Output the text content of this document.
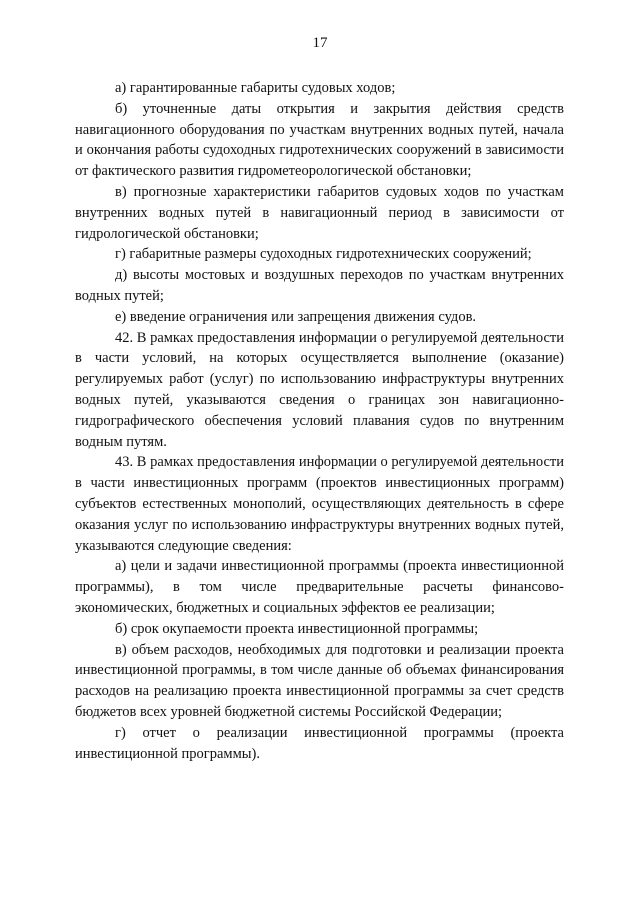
17

а) гарантированные габариты судовых ходов;

б) уточненные даты открытия и закрытия действия средств навигационного оборудования по участкам внутренних водных путей, начала и окончания работы судоходных гидротехнических сооружений в зависимости от фактического развития гидрометеорологической обстановки;

в) прогнозные характеристики габаритов судовых ходов по участкам внутренних водных путей в навигационный период в зависимости от гидрологической обстановки;

г) габаритные размеры судоходных гидротехнических сооружений;

д) высоты мостовых и воздушных переходов по участкам внутренних водных путей;

е) введение ограничения или запрещения движения судов.

42. В рамках предоставления информации о регулируемой деятельности в части условий, на которых осуществляется выполнение (оказание) регулируемых работ (услуг) по использованию инфраструктуры внутренних водных путей, указываются сведения о границах зон навигационно-гидрографического обеспечения условий плавания судов по внутренним водным путям.

43. В рамках предоставления информации о регулируемой деятельности в части инвестиционных программ (проектов инвестиционных программ) субъектов естественных монополий, осуществляющих деятельность в сфере оказания услуг по использованию инфраструктуры внутренних водных путей, указываются следующие сведения:

а) цели и задачи инвестиционной программы (проекта инвестиционной программы), в том числе предварительные расчеты финансово-экономических, бюджетных и социальных эффектов ее реализации;

б) срок окупаемости проекта инвестиционной программы;

в) объем расходов, необходимых для подготовки и реализации проекта инвестиционной программы, в том числе данные об объемах финансирования расходов на реализацию проекта инвестиционной программы за счет средств бюджетов всех уровней бюджетной системы Российской Федерации;

г) отчет о реализации инвестиционной программы (проекта инвестиционной программы).
